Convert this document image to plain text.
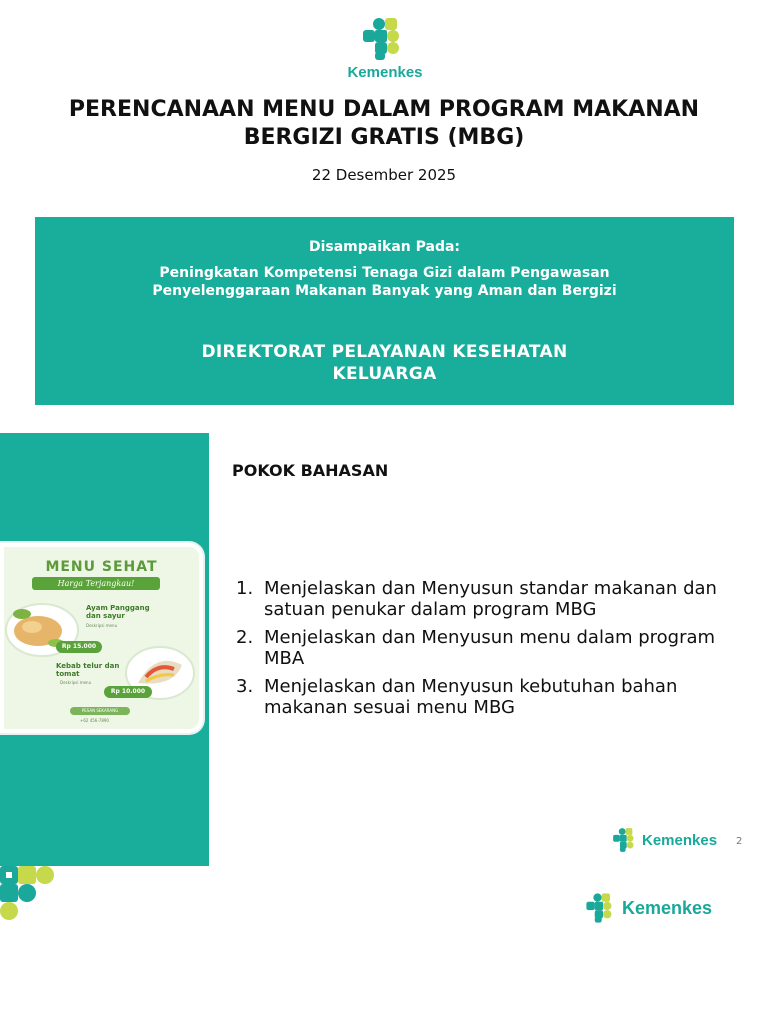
Kemenkes
PERENCANAAN MENU DALAM PROGRAM MAKANAN BERGIZI GRATIS (MBG)
22 Desember 2025
Disampaikan Pada:
Peningkatan Kompetensi Tenaga Gizi dalam Pengawasan
Penyelenggaraan Makanan Banyak yang Aman dan Bergizi
DIREKTORAT PELAYANAN KESEHATAN
KELUARGA
MENU SEHAT
Harga Terjangkau!
Ayam Panggang dan sayur
Deskripsi menu
Rp 15.000
Kebab telur dan tomat
Deskripsi menu
Rp 10.000
PESAN SEKARANG
+62 456-7890
POKOK BAHASAN
1. Menjelaskan dan Menyusun standar makanan dan satuan penukar dalam program MBG
2. Menjelaskan dan Menyusun menu dalam program MBA
3. Menjelaskan dan Menyusun kebutuhan bahan makanan sesuai menu MBG
Kemenkes 2
Kemenkes
